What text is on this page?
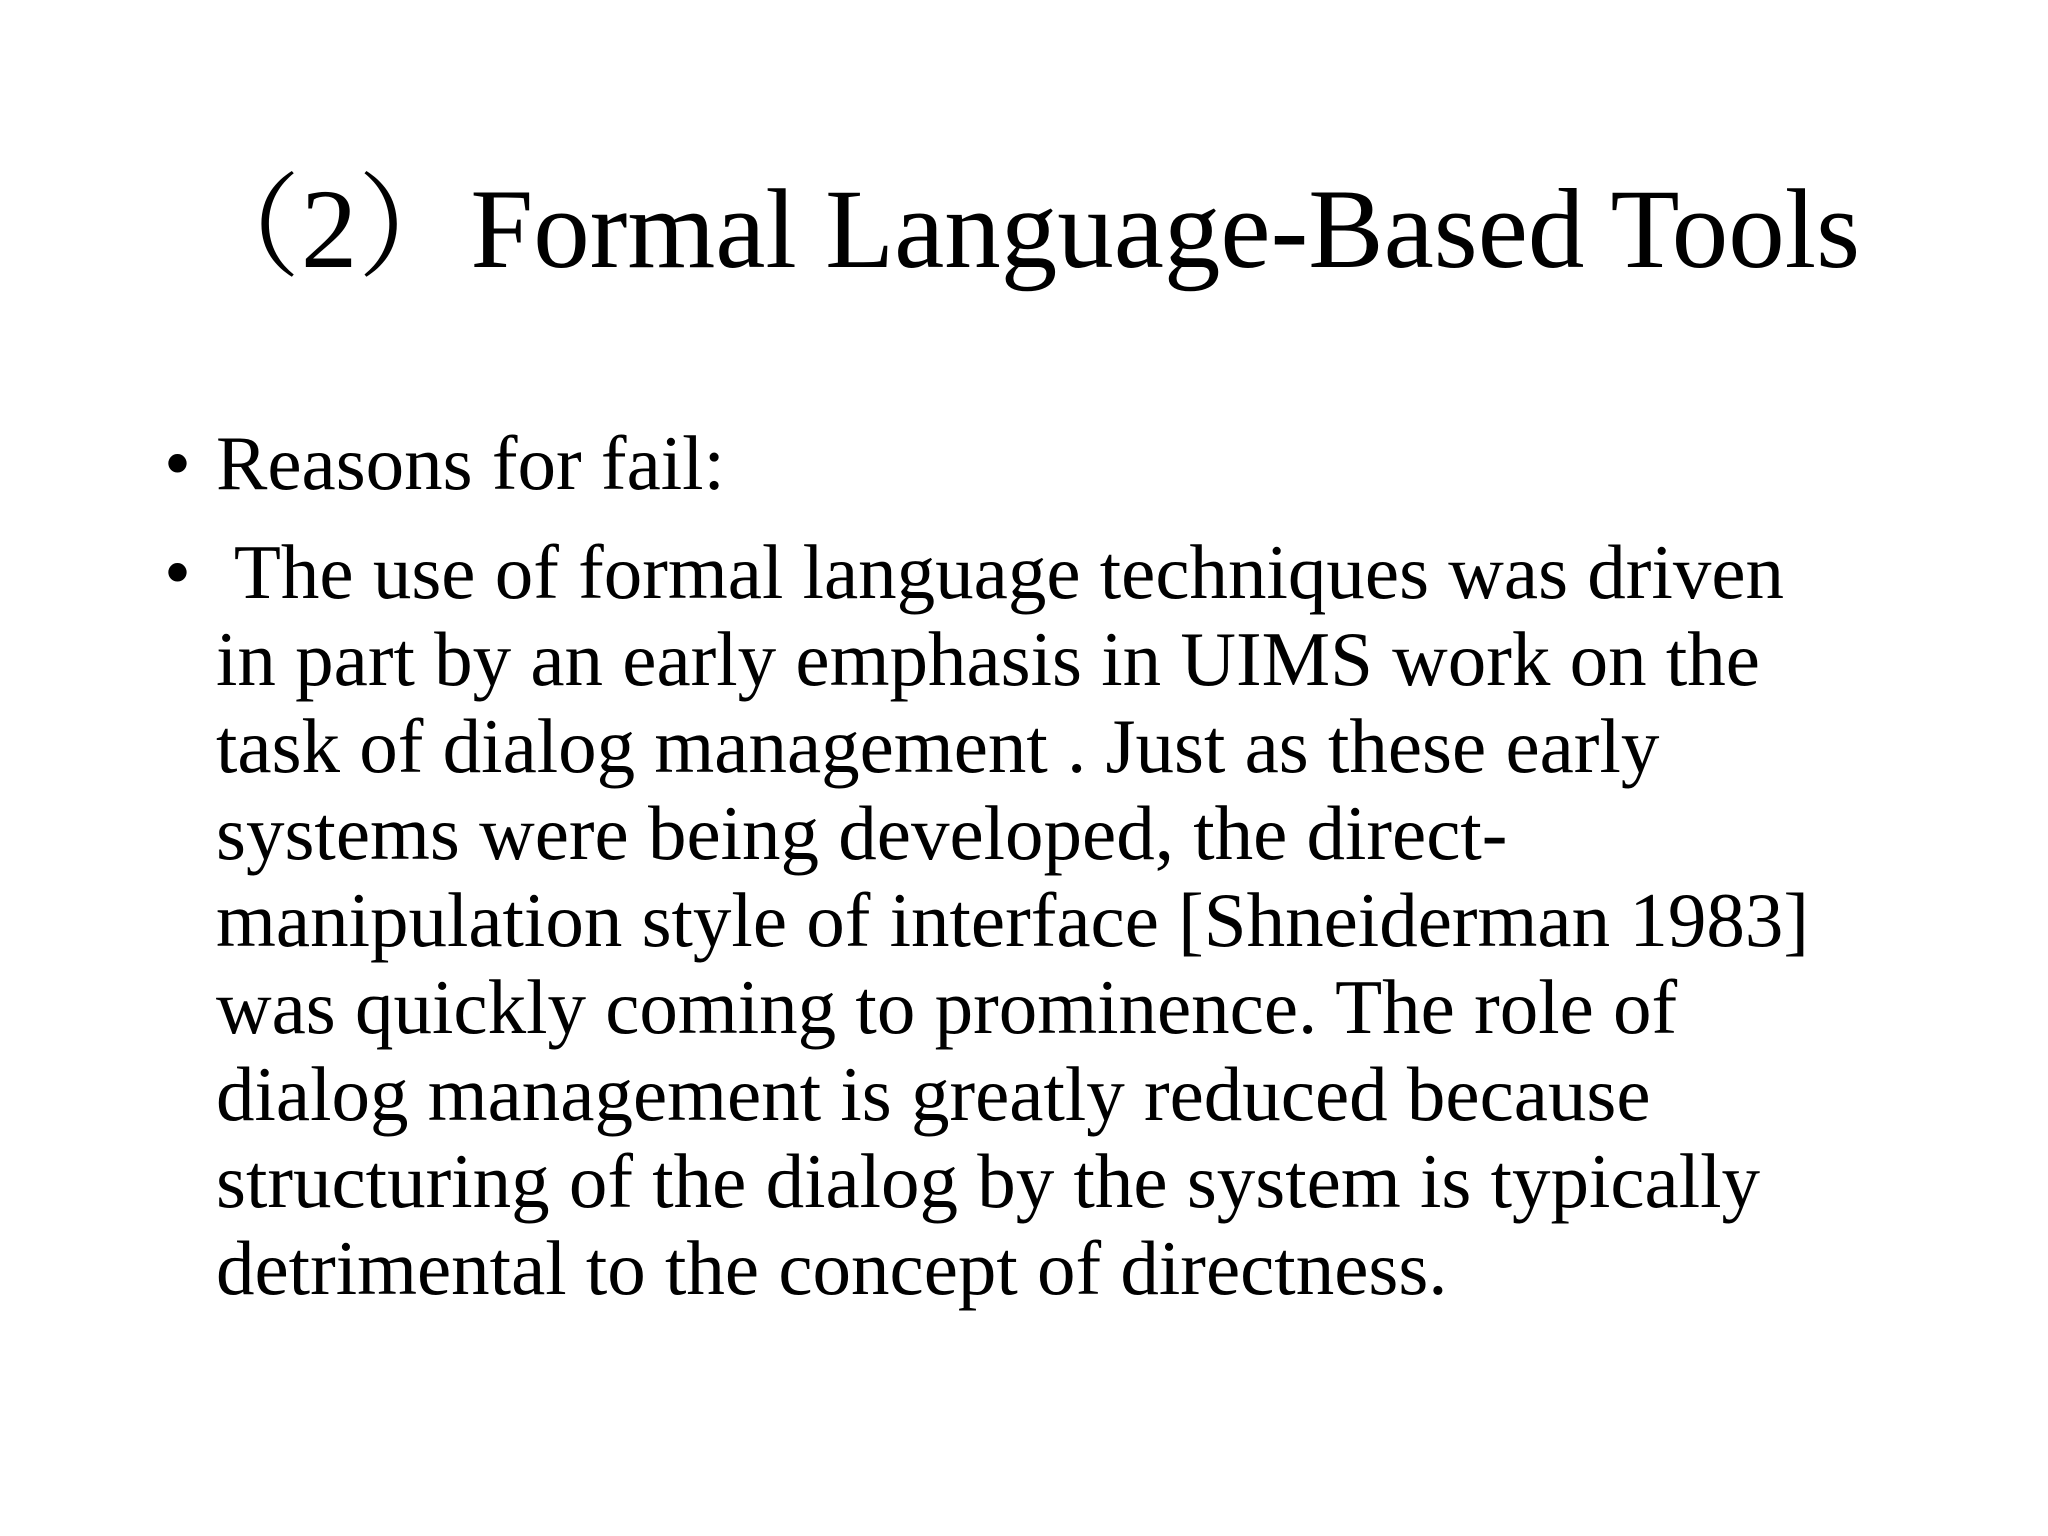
（2）Formal Language-Based Tools
• Reasons for fail:
• The use of formal language techniques was driven
in part by an early emphasis in UIMS work on the
task of dialog management . Just as these early
systems were being developed, the direct-
manipulation style of interface [Shneiderman 1983]
was quickly coming to prominence. The role of
dialog management is greatly reduced because
structuring of the dialog by the system is typically
detrimental to the concept of directness.
